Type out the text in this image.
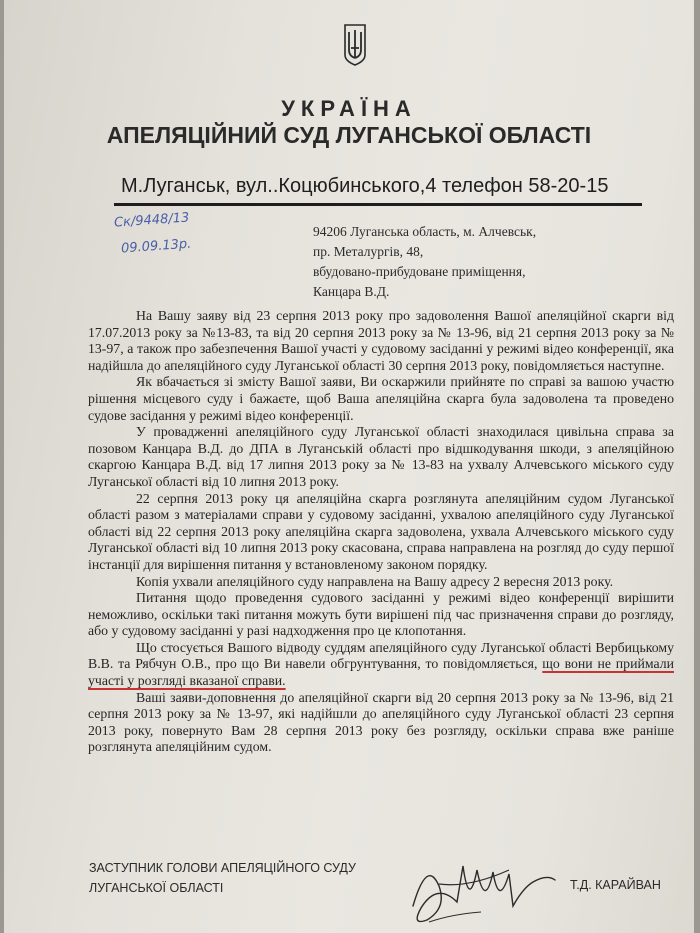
УКРАЇНА
АПЕЛЯЦІЙНИЙ СУД ЛУГАНСЬКОЇ ОБЛАСТІ
М.Луганськ, вул..Коцюбинського,4 телефон 58-20-15
Ск/9448/13
09.09.13р.
94206 Луганська область, м. Алчевськ,
пр. Металургів, 48,
вбудовано-прибудоване приміщення,
Канцара В.Д.

На Вашу заяву від 23 серпня 2013 року про задоволення Вашої апеляційної скарги від 17.07.2013 року за №13-83, та від 20 серпня 2013 року за № 13-96, від 21 серпня 2013 року за № 13-97, а також про забезпечення Вашої участі у судовому засіданні у режимі відео конференції, яка надійшла до апеляційного суду Луганської області 30 серпня 2013 року, повідомляється наступне.

Як вбачається зі змісту Вашої заяви, Ви оскаржили прийняте по справі за вашою участю рішення місцевого суду і бажаєте, щоб Ваша апеляційна скарга була задоволена та проведено судове засідання у режимі відео конференції.

У провадженні апеляційного суду Луганської області знаходилася цивільна справа за позовом Канцара В.Д. до ДПА в Луганській області про відшкодування шкоди, з апеляційною скаргою Канцара В.Д. від 17 липня 2013 року за № 13-83 на ухвалу Алчевського міського суду Луганської області від 10 липня 2013 року.

22 серпня 2013 року ця апеляційна скарга розглянута апеляційним судом Луганської області разом з матеріалами справи у судовому засіданні, ухвалою апеляційного суду Луганської області від 22 серпня 2013 року апеляційна скарга задоволена, ухвала Алчевського міського суду Луганської області від 10 липня 2013 року скасована, справа направлена на розгляд до суду першої інстанції для вирішення питання у встановленому законом порядку.

Копія ухвали апеляційного суду направлена на Вашу адресу 2 вересня 2013 року.

Питання щодо проведення судового засіданні у режимі відео конференції вирішити неможливо, оскільки такі питання можуть бути вирішені під час призначення справи до розгляду, або у судовому засіданні у разі надходження про це клопотання.

Що стосується Вашого відводу суддям апеляційного суду Луганської області Вербицькому В.В. та Рябчун О.В., про що Ви навели обгрунтування, то повідомляється, що вони не приймали участі у розгляді вказаної справи.

Ваші заяви-доповнення до апеляційної скарги від 20 серпня 2013 року за № 13-96, від 21 серпня 2013 року за № 13-97, які надійшли до апеляційного суду Луганської області 23 серпня 2013 року, повернуто Вам 28 серпня 2013 року без розгляду, оскільки справа вже раніше розглянута апеляційним судом.

ЗАСТУПНИК ГОЛОВИ АПЕЛЯЦІЙНОГО СУДУ
ЛУГАНСЬКОЇ ОБЛАСТІ	Т.Д. КАРАЙВАН
